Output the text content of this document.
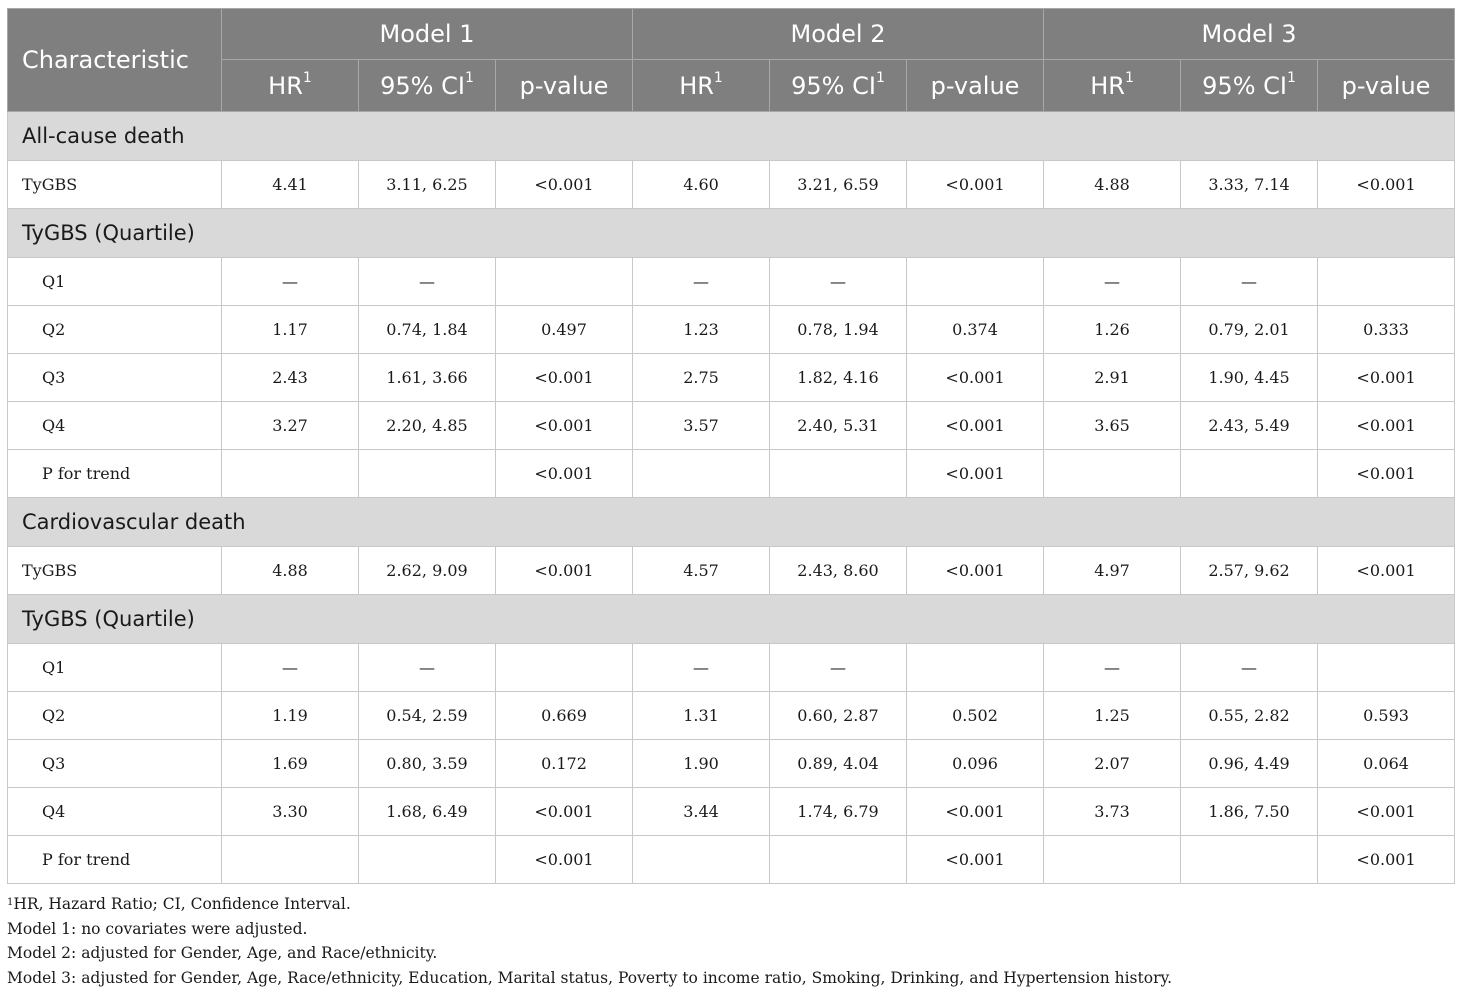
Characteristic	Model 1			Model 2			Model 3		
	$HR^1$	95% $CI^1$	p-value	$HR^1$	95% $CI^1$	p-value	$HR^1$	95% $CI^1$	p-value
All-cause death									
TyGBS	4.41	3.11, 6.25	<0.001	4.60	3.21, 6.59	<0.001	4.88	3.33, 7.14	<0.001
TyGBS (Quartile)									
Q1	—	—		—	—		—	—	
Q2	1.17	0.74, 1.84	0.497	1.23	0.78, 1.94	0.374	1.26	0.79, 2.01	0.333
Q3	2.43	1.61, 3.66	<0.001	2.75	1.82, 4.16	<0.001	2.91	1.90, 4.45	<0.001
Q4	3.27	2.20, 4.85	<0.001	3.57	2.40, 5.31	<0.001	3.65	2.43, 5.49	<0.001
P for trend			<0.001			<0.001			<0.001
Cardiovascular death									
TyGBS	4.88	2.62, 9.09	<0.001	4.57	2.43, 8.60	<0.001	4.97	2.57, 9.62	<0.001
TyGBS (Quartile)									
Q1	—	—		—	—		—	—	
Q2	1.19	0.54, 2.59	0.669	1.31	0.60, 2.87	0.502	1.25	0.55, 2.82	0.593
Q3	1.69	0.80, 3.59	0.172	1.90	0.89, 4.04	0.096	2.07	0.96, 4.49	0.064
Q4	3.30	1.68, 6.49	<0.001	3.44	1.74, 6.79	<0.001	3.73	1.86, 7.50	<0.001
P for trend			<0.001			<0.001			<0.001
$^1$HR, Hazard Ratio; CI, Confidence Interval.
Model 1: no covariates were adjusted.
Model 2: adjusted for Gender, Age, and Race/ethnicity.
Model 3: adjusted for Gender, Age, Race/ethnicity, Education, Marital status, Poverty to income ratio, Smoking, Drinking, and Hypertension history.
